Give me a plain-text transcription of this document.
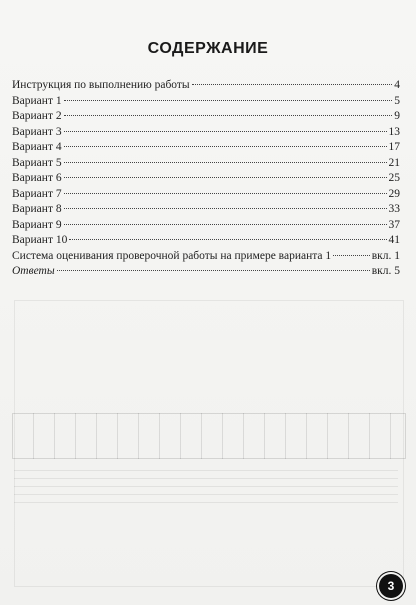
СОДЕРЖАНИЕ
Инструкция по выполнению работы	4
Вариант 1	5
Вариант 2	9
Вариант 3	13
Вариант 4	17
Вариант 5	21
Вариант 6	25
Вариант 7	29
Вариант 8	33
Вариант 9	37
Вариант 10	41
Система оценивания проверочной работы на примере варианта 1	вкл. 1
Ответы	вкл. 5
3
